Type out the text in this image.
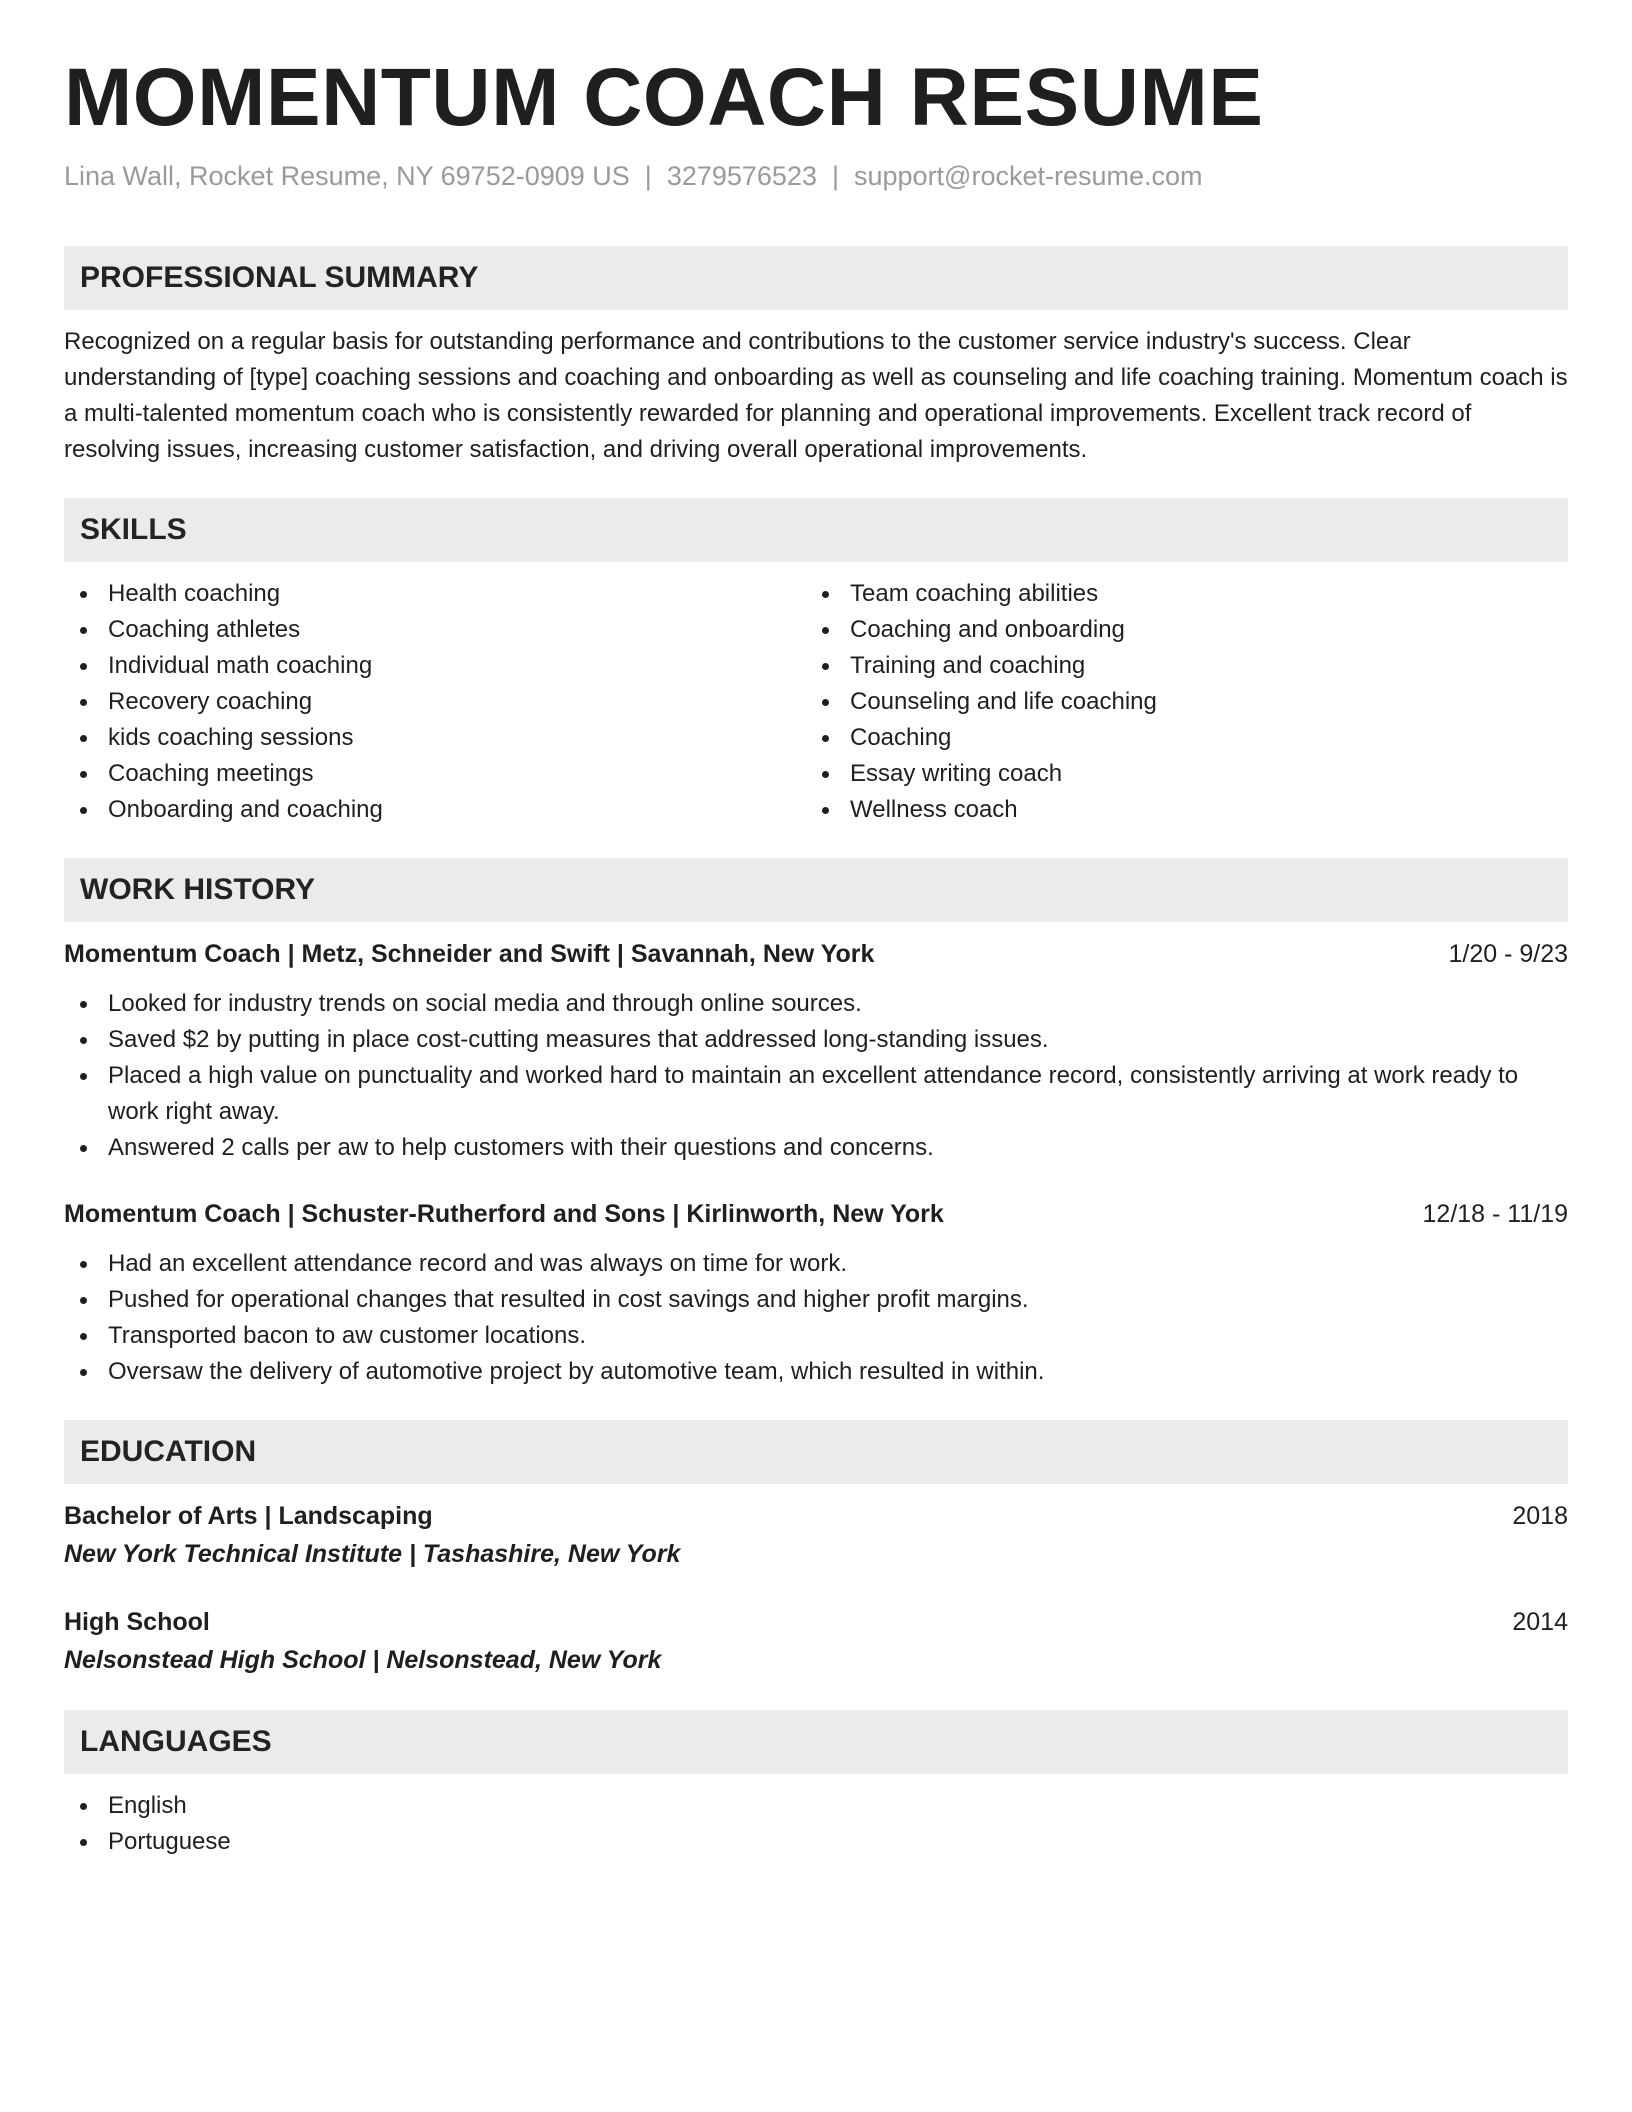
MOMENTUM COACH RESUME
Lina Wall, Rocket Resume, NY 69752-0909 US | 3279576523 | support@rocket-resume.com
PROFESSIONAL SUMMARY

Recognized on a regular basis for outstanding performance and contributions to the customer service industry's success. Clear understanding of [type] coaching sessions and coaching and onboarding as well as counseling and life coaching training. Momentum coach is a multi-talented momentum coach who is consistently rewarded for planning and operational improvements. Excellent track record of resolving issues, increasing customer satisfaction, and driving overall operational improvements.

SKILLS
Health coaching
Coaching athletes
Individual math coaching
Recovery coaching
kids coaching sessions
Coaching meetings
Onboarding and coaching
Team coaching abilities
Coaching and onboarding
Training and coaching
Counseling and life coaching
Coaching
Essay writing coach
Wellness coach
WORK HISTORY
Momentum Coach | Metz, Schneider and Swift | Savannah, New York	1/20 - 9/23
Looked for industry trends on social media and through online sources.
Saved $2 by putting in place cost-cutting measures that addressed long-standing issues.
Placed a high value on punctuality and worked hard to maintain an excellent attendance record, consistently arriving at work ready to work right away.
Answered 2 calls per aw to help customers with their questions and concerns.
Momentum Coach | Schuster-Rutherford and Sons | Kirlinworth, New York	12/18 - 11/19
Had an excellent attendance record and was always on time for work.
Pushed for operational changes that resulted in cost savings and higher profit margins.
Transported bacon to aw customer locations.
Oversaw the delivery of automotive project by automotive team, which resulted in within.
EDUCATION
Bachelor of Arts | Landscaping	2018
New York Technical Institute | Tashashire, New York
High School	2014
Nelsonstead High School | Nelsonstead, New York
LANGUAGES
English
Portuguese
